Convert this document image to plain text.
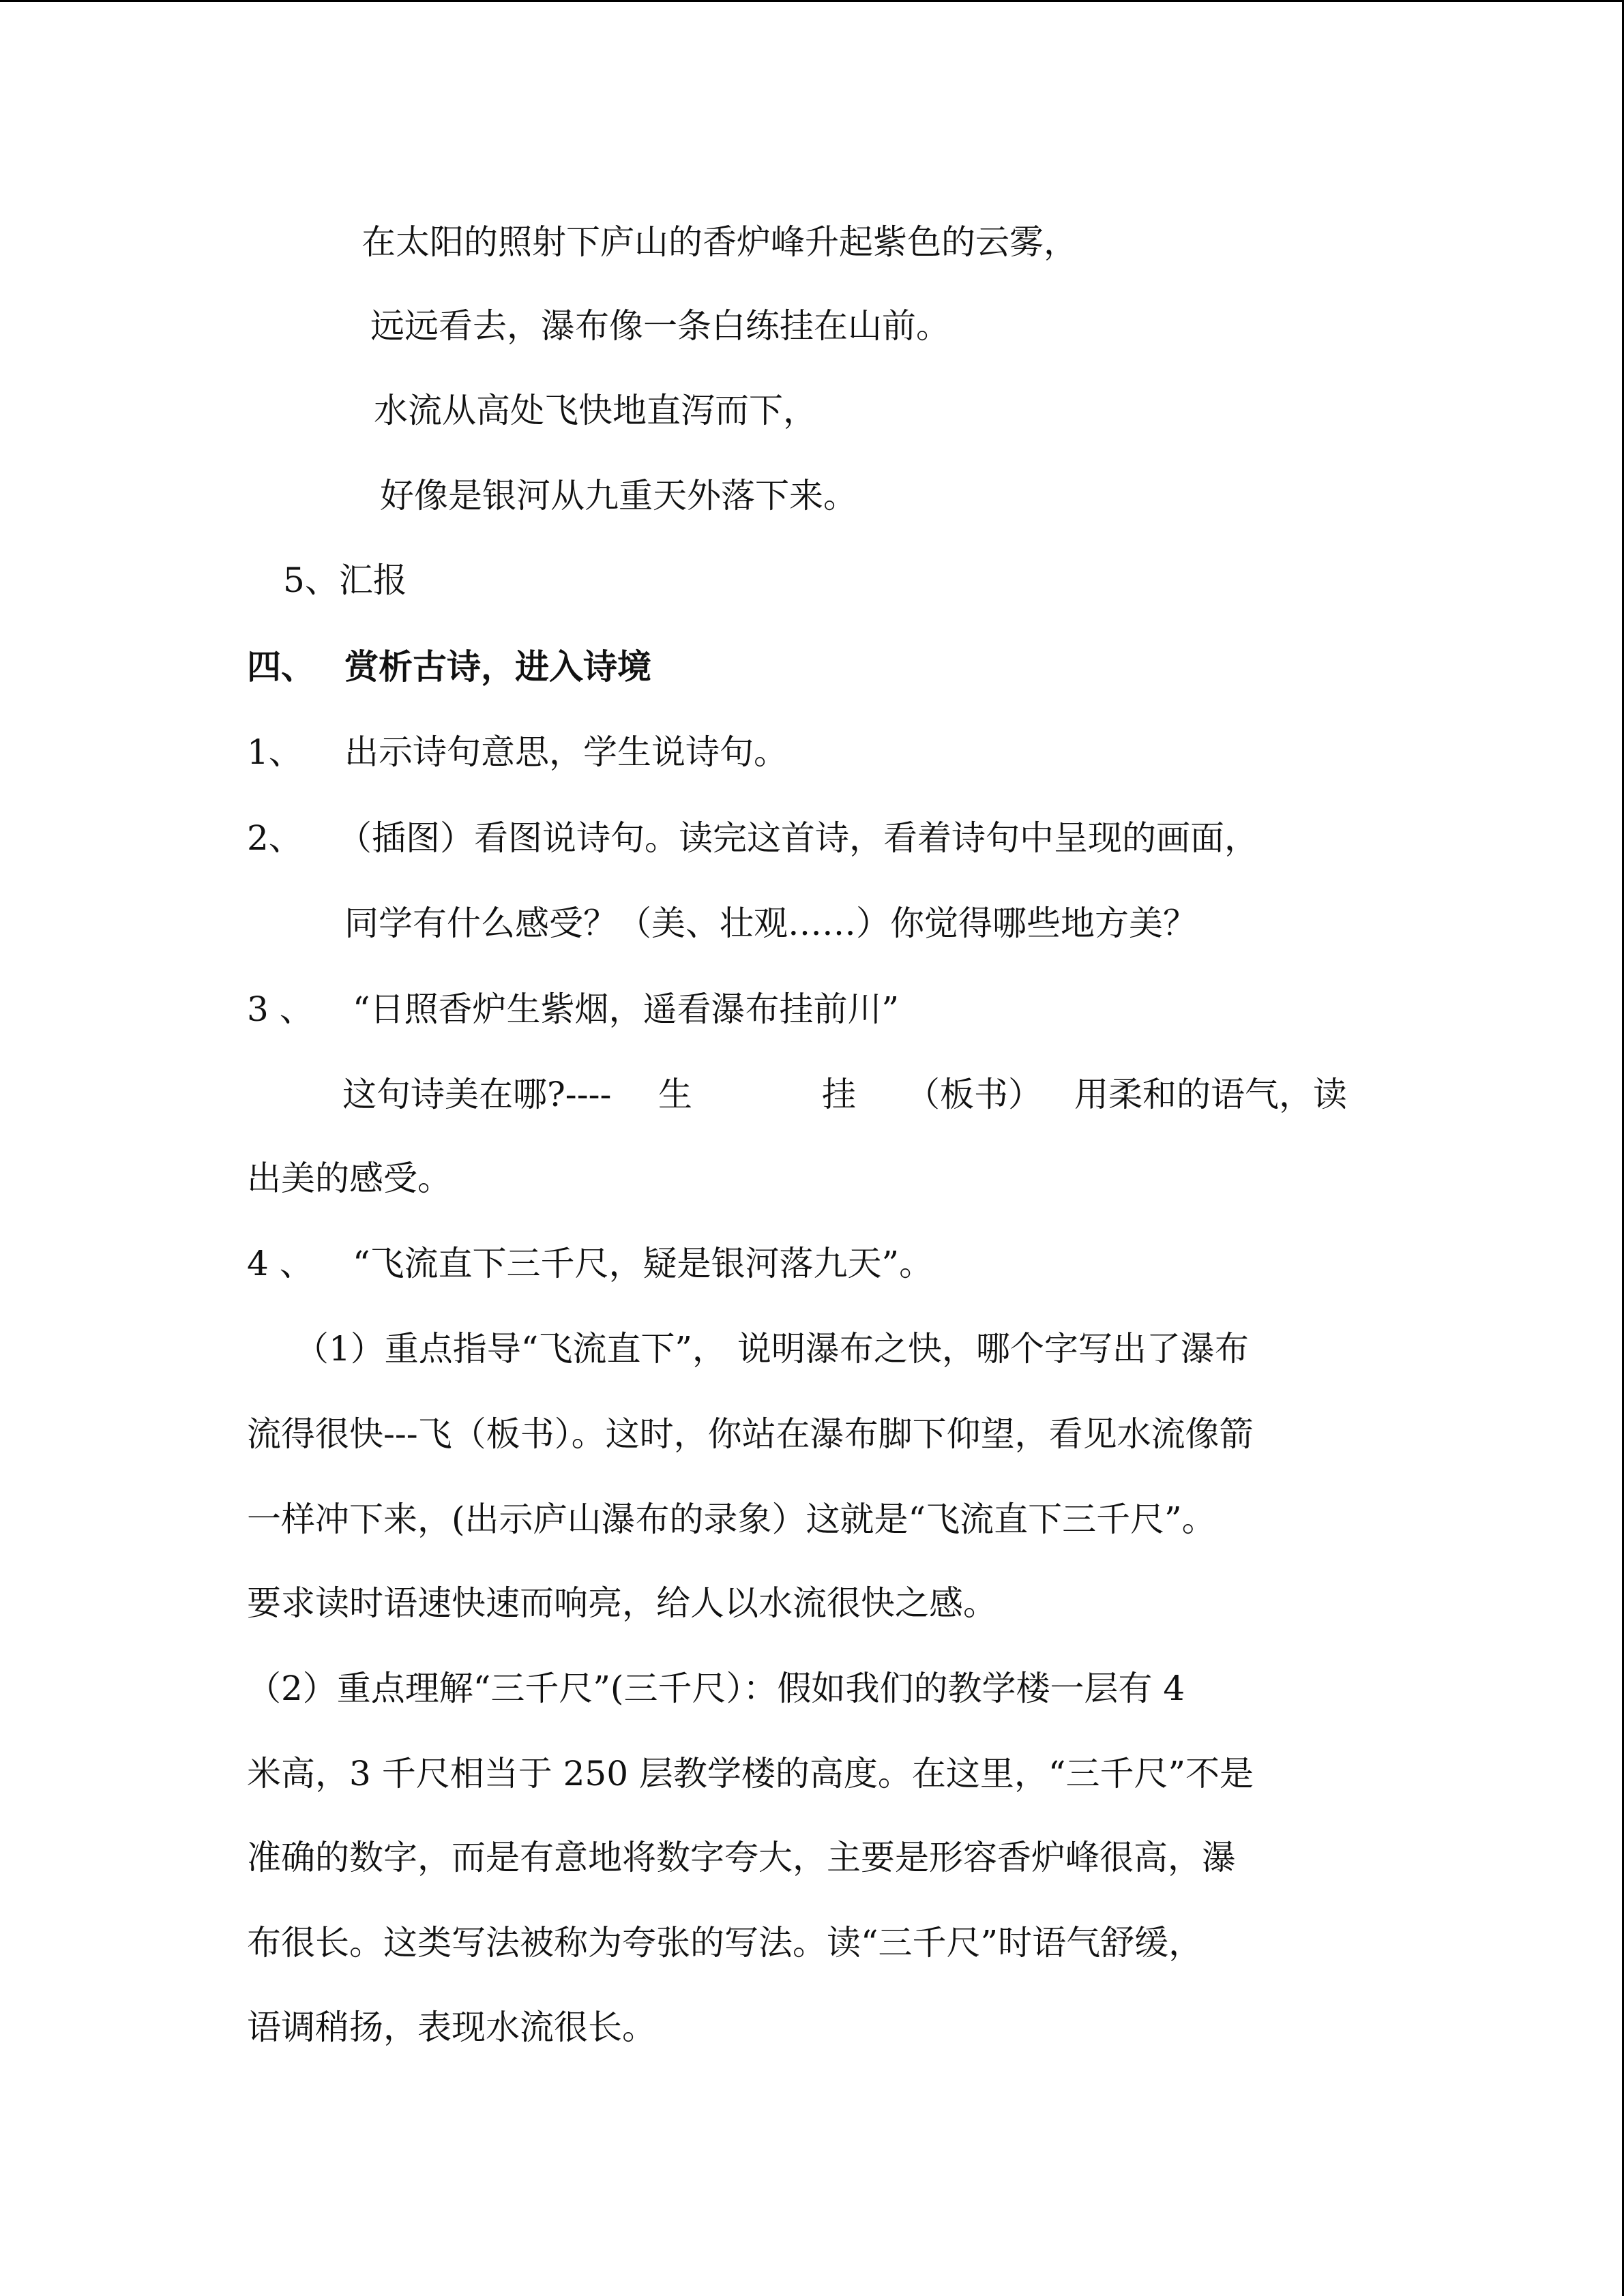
在太阳的照射下庐山的香炉峰升起紫色的云雾，
远远看去，瀑布像一条白练挂在山前。
水流从高处飞快地直泻而下，
好像是银河从九重天外落下来。
5、汇报
四、 赏析古诗，进入诗境
1、 出示诗句意思，学生说诗句。
2、 （插图）看图说诗句。读完这首诗，看着诗句中呈现的画面，
同学有什么感受？（美、壮观……）你觉得哪些地方美？
3 、 “日照香炉生紫烟，遥看瀑布挂前川”
这句诗美在哪?---- 生	挂 （板书） 用柔和的语气，读
出美的感受。
4 、 “飞流直下三千尺，疑是银河落九天”。
（1）重点指导“飞流直下”， 说明瀑布之快，哪个字写出了瀑布
流得很快---飞（板书）。这时，你站在瀑布脚下仰望，看见水流像箭
一样冲下来，(出示庐山瀑布的录象）这就是“飞流直下三千尺”。
要求读时语速快速而响亮，给人以水流很快之感。
（2）重点理解“三千尺”(三千尺）：假如我们的教学楼一层有 4
米高，3 千尺相当于 250 层教学楼的高度。在这里，“三千尺”不是
准确的数字，而是有意地将数字夸大，主要是形容香炉峰很高，瀑
布很长。这类写法被称为夸张的写法。读“三千尺”时语气舒缓，
语调稍扬，表现水流很长。
